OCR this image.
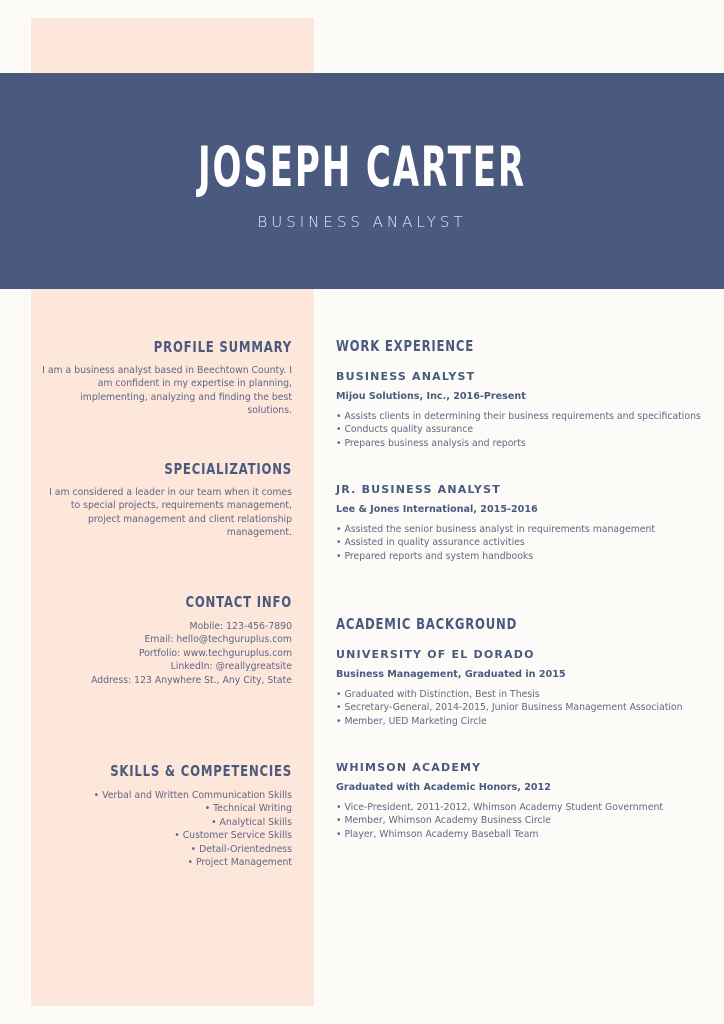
JOSEPH CARTER
BUSINESS ANALYST
PROFILE SUMMARY

I am a business analyst based in Beechtown County. I am confident in my expertise in planning, implementing, analyzing and finding the best solutions.

SPECIALIZATIONS

I am considered a leader in our team when it comes to special projects, requirements management, project management and client relationship management.

CONTACT INFO
Mobile: 123-456-7890
Email: hello@techguruplus.com
Portfolio: www.techguruplus.com
LinkedIn: @reallygreatsite
Address: 123 Anywhere St., Any City, State
SKILLS & COMPETENCIES
• Verbal and Written Communication Skills
• Technical Writing
• Analytical Skills
• Customer Service Skills
• Detail-Orientedness
• Project Management
WORK EXPERIENCE
BUSINESS ANALYST
Mijou Solutions, Inc., 2016-Present
• Assists clients in determining their business requirements and specifications
• Conducts quality assurance
• Prepares business analysis and reports
JR. BUSINESS ANALYST
Lee & Jones International, 2015-2016
• Assisted the senior business analyst in requirements management
• Assisted in quality assurance activities
• Prepared reports and system handbooks
ACADEMIC BACKGROUND
UNIVERSITY OF EL DORADO
Business Management, Graduated in 2015
• Graduated with Distinction, Best in Thesis
• Secretary-General, 2014-2015, Junior Business Management Association
• Member, UED Marketing Circle
WHIMSON ACADEMY
Graduated with Academic Honors, 2012
• Vice-President, 2011-2012, Whimson Academy Student Government
• Member, Whimson Academy Business Circle
• Player, Whimson Academy Baseball Team
